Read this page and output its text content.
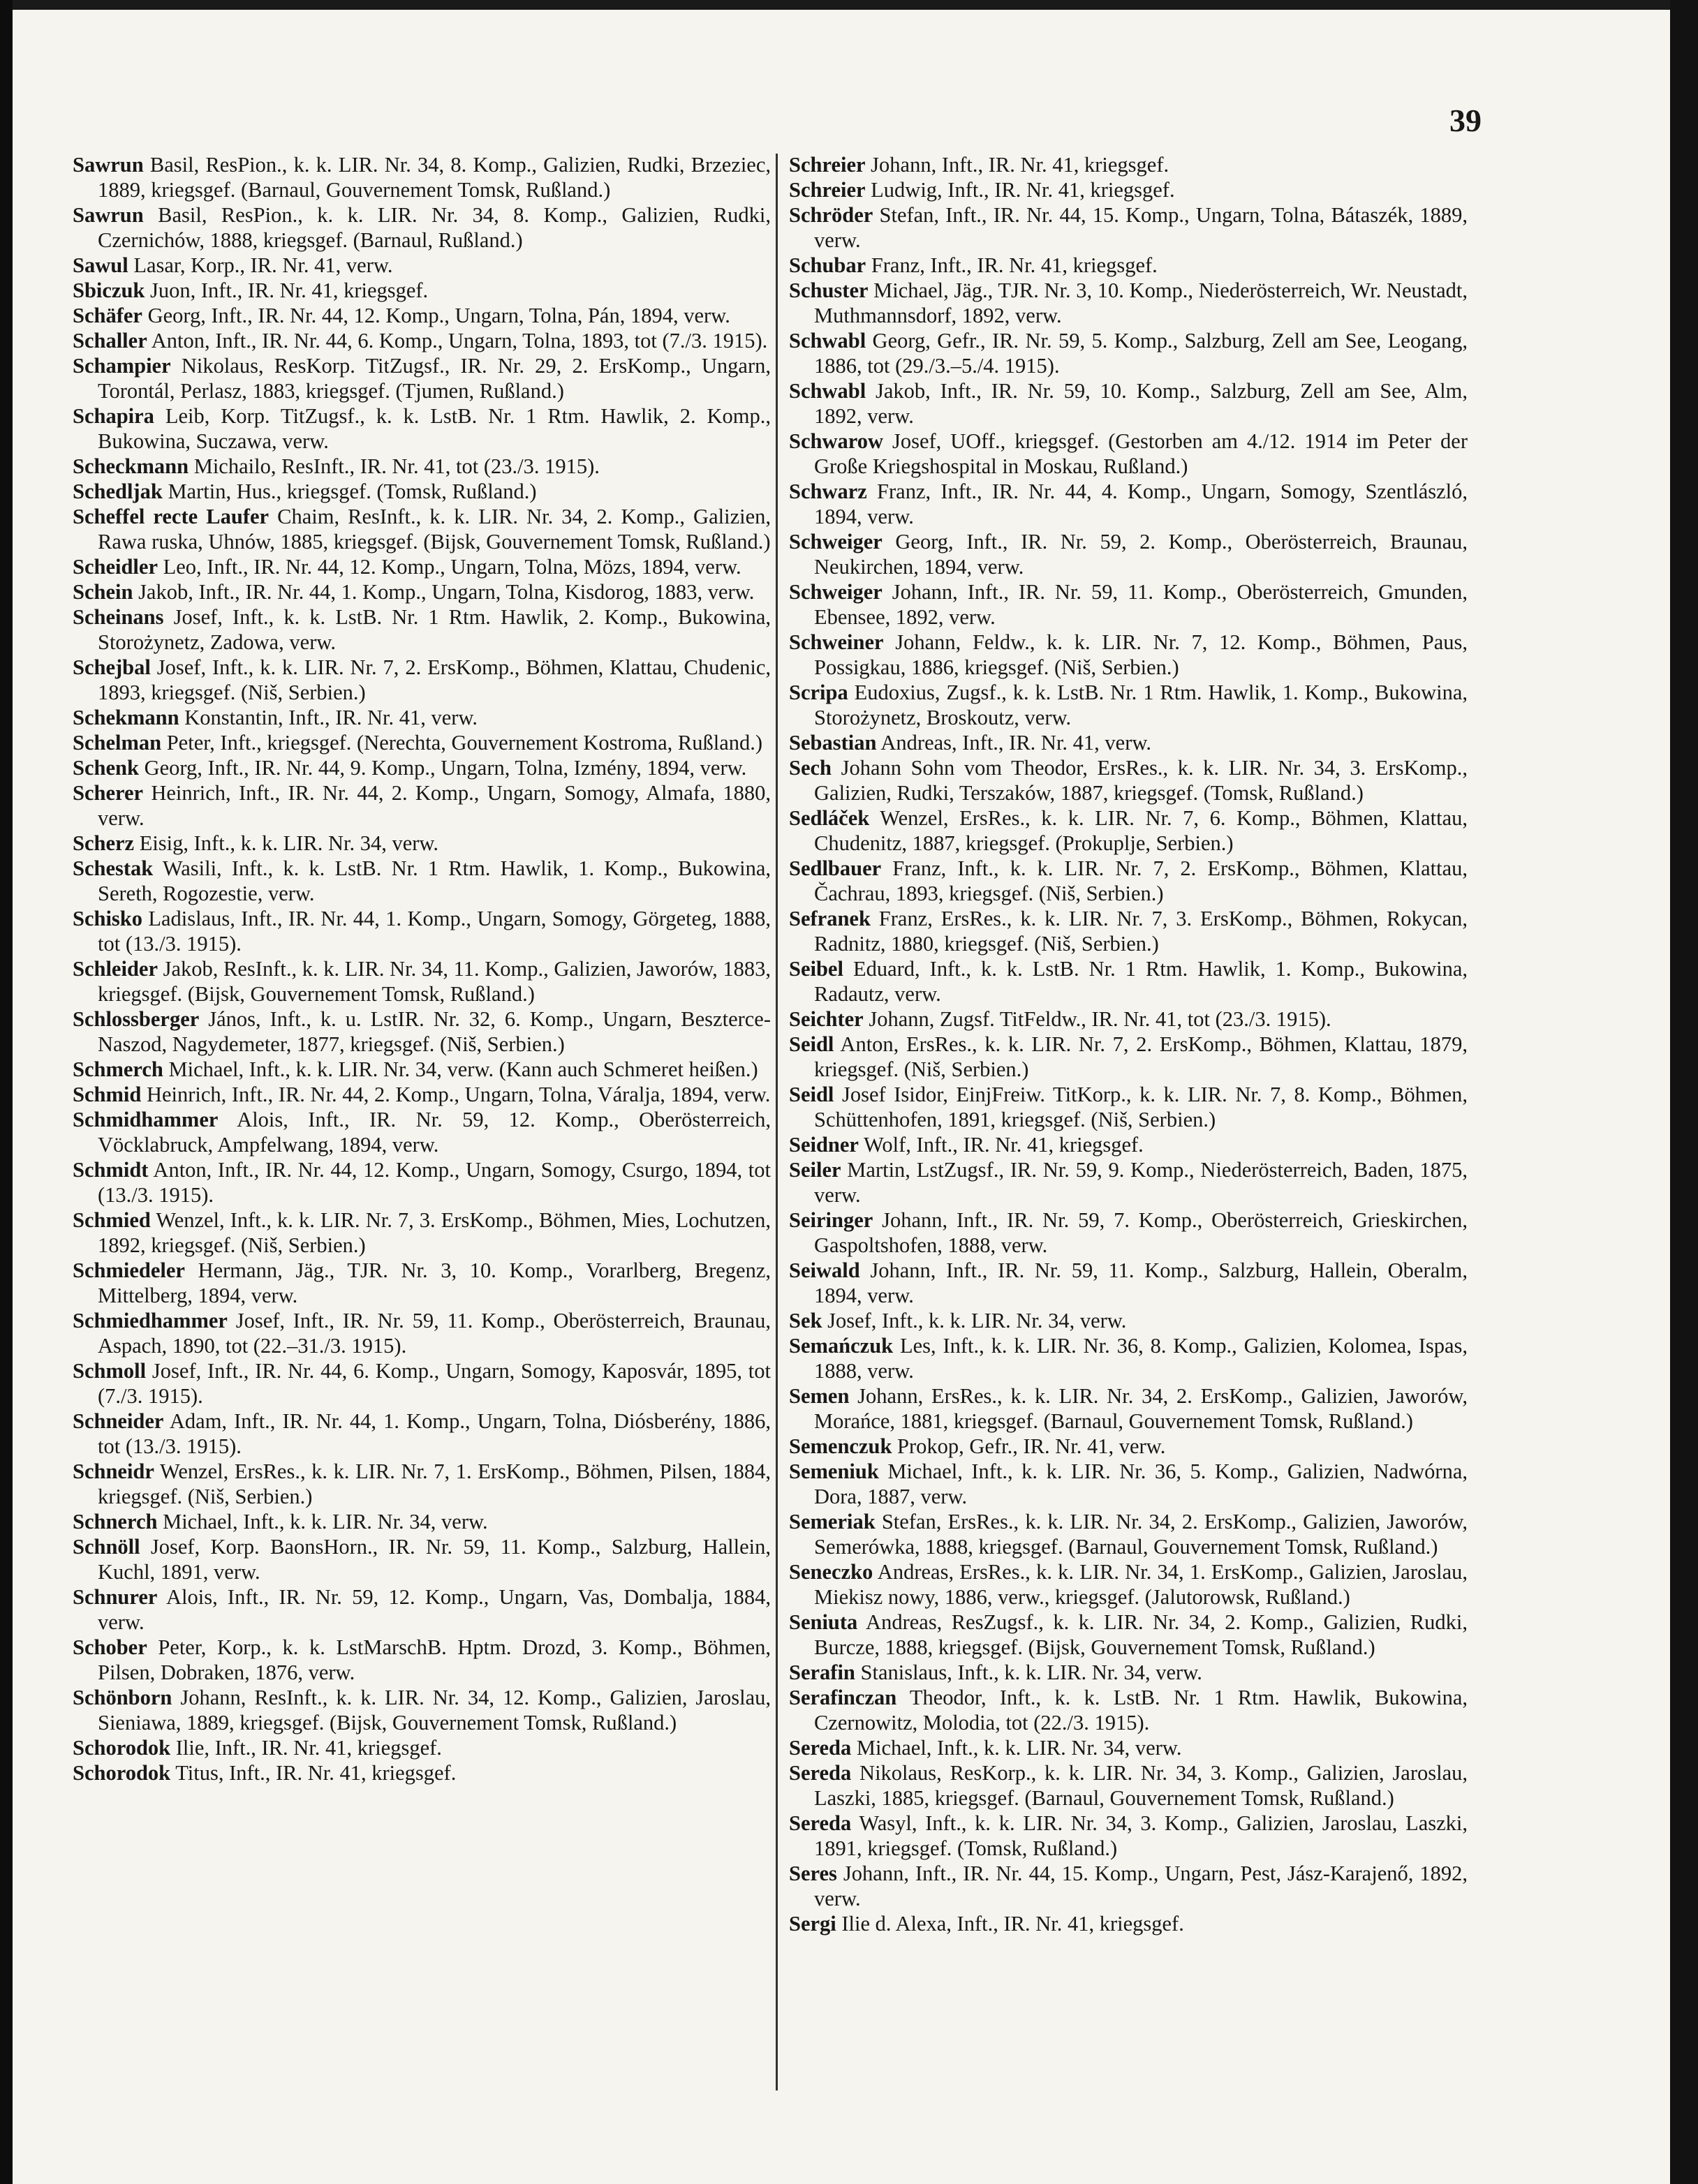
39

Sawrun Basil, ResPion., k. k. LIR. Nr. 34, 8. Komp., Galizien, Rudki, Brzeziec, 1889, kriegsgef. (Barnaul, Gouvernement Tomsk, Rußland.)

Sawrun Basil, ResPion., k. k. LIR. Nr. 34, 8. Komp., Galizien, Rudki, Czernichów, 1888, kriegsgef. (Barnaul, Rußland.)

Sawul Lasar, Korp., IR. Nr. 41, verw.

Sbiczuk Juon, Inft., IR. Nr. 41, kriegsgef.

Schäfer Georg, Inft., IR. Nr. 44, 12. Komp., Ungarn, Tolna, Pán, 1894, verw.

Schaller Anton, Inft., IR. Nr. 44, 6. Komp., Ungarn, Tolna, 1893, tot (7./3. 1915).

Schampier Nikolaus, ResKorp. TitZugsf., IR. Nr. 29, 2. ErsKomp., Ungarn, Torontál, Perlasz, 1883, kriegsgef. (Tjumen, Rußland.)

Schapira Leib, Korp. TitZugsf., k. k. LstB. Nr. 1 Rtm. Hawlik, 2. Komp., Bukowina, Suczawa, verw.

Scheckmann Michailo, ResInft., IR. Nr. 41, tot (23./3. 1915).

Schedljak Martin, Hus., kriegsgef. (Tomsk, Rußland.)

Scheffel recte Laufer Chaim, ResInft., k. k. LIR. Nr. 34, 2. Komp., Galizien, Rawa ruska, Uhnów, 1885, kriegsgef. (Bijsk, Gouvernement Tomsk, Rußland.)

Scheidler Leo, Inft., IR. Nr. 44, 12. Komp., Ungarn, Tolna, Mözs, 1894, verw.

Schein Jakob, Inft., IR. Nr. 44, 1. Komp., Ungarn, Tolna, Kisdorog, 1883, verw.

Scheinans Josef, Inft., k. k. LstB. Nr. 1 Rtm. Hawlik, 2. Komp., Bukowina, Storożynetz, Zadowa, verw.

Schejbal Josef, Inft., k. k. LIR. Nr. 7, 2. ErsKomp., Böhmen, Klattau, Chudenic, 1893, kriegsgef. (Niš, Serbien.)

Schekmann Konstantin, Inft., IR. Nr. 41, verw.

Schelman Peter, Inft., kriegsgef. (Nerechta, Gouvernement Kostroma, Rußland.)

Schenk Georg, Inft., IR. Nr. 44, 9. Komp., Ungarn, Tolna, Izmény, 1894, verw.

Scherer Heinrich, Inft., IR. Nr. 44, 2. Komp., Ungarn, Somogy, Almafa, 1880, verw.

Scherz Eisig, Inft., k. k. LIR. Nr. 34, verw.

Schestak Wasili, Inft., k. k. LstB. Nr. 1 Rtm. Hawlik, 1. Komp., Bukowina, Sereth, Rogozestie, verw.

Schisko Ladislaus, Inft., IR. Nr. 44, 1. Komp., Ungarn, Somogy, Görgeteg, 1888, tot (13./3. 1915).

Schleider Jakob, ResInft., k. k. LIR. Nr. 34, 11. Komp., Galizien, Jaworów, 1883, kriegsgef. (Bijsk, Gouvernement Tomsk, Rußland.)

Schlossberger János, Inft., k. u. LstIR. Nr. 32, 6. Komp., Ungarn, Beszterce-Naszod, Nagydemeter, 1877, kriegsgef. (Niš, Serbien.)

Schmerch Michael, Inft., k. k. LIR. Nr. 34, verw. (Kann auch Schmeret heißen.)

Schmid Heinrich, Inft., IR. Nr. 44, 2. Komp., Ungarn, Tolna, Váralja, 1894, verw.

Schmidhammer Alois, Inft., IR. Nr. 59, 12. Komp., Oberösterreich, Vöcklabruck, Ampfelwang, 1894, verw.

Schmidt Anton, Inft., IR. Nr. 44, 12. Komp., Ungarn, Somogy, Csurgo, 1894, tot (13./3. 1915).

Schmied Wenzel, Inft., k. k. LIR. Nr. 7, 3. ErsKomp., Böhmen, Mies, Lochutzen, 1892, kriegsgef. (Niš, Serbien.)

Schmiedeler Hermann, Jäg., TJR. Nr. 3, 10. Komp., Vorarlberg, Bregenz, Mittelberg, 1894, verw.

Schmiedhammer Josef, Inft., IR. Nr. 59, 11. Komp., Oberösterreich, Braunau, Aspach, 1890, tot (22.–31./3. 1915).

Schmoll Josef, Inft., IR. Nr. 44, 6. Komp., Ungarn, Somogy, Kaposvár, 1895, tot (7./3. 1915).

Schneider Adam, Inft., IR. Nr. 44, 1. Komp., Ungarn, Tolna, Diósberény, 1886, tot (13./3. 1915).

Schneidr Wenzel, ErsRes., k. k. LIR. Nr. 7, 1. ErsKomp., Böhmen, Pilsen, 1884, kriegsgef. (Niš, Serbien.)

Schnerch Michael, Inft., k. k. LIR. Nr. 34, verw.

Schnöll Josef, Korp. BaonsHorn., IR. Nr. 59, 11. Komp., Salzburg, Hallein, Kuchl, 1891, verw.

Schnurer Alois, Inft., IR. Nr. 59, 12. Komp., Ungarn, Vas, Dombalja, 1884, verw.

Schober Peter, Korp., k. k. LstMarschB. Hptm. Drozd, 3. Komp., Böhmen, Pilsen, Dobraken, 1876, verw.

Schönborn Johann, ResInft., k. k. LIR. Nr. 34, 12. Komp., Galizien, Jaroslau, Sieniawa, 1889, kriegsgef. (Bijsk, Gouvernement Tomsk, Rußland.)

Schorodok Ilie, Inft., IR. Nr. 41, kriegsgef.

Schorodok Titus, Inft., IR. Nr. 41, kriegsgef.

Schreier Johann, Inft., IR. Nr. 41, kriegsgef.

Schreier Ludwig, Inft., IR. Nr. 41, kriegsgef.

Schröder Stefan, Inft., IR. Nr. 44, 15. Komp., Ungarn, Tolna, Bátaszék, 1889, verw.

Schubar Franz, Inft., IR. Nr. 41, kriegsgef.

Schuster Michael, Jäg., TJR. Nr. 3, 10. Komp., Niederösterreich, Wr. Neustadt, Muthmannsdorf, 1892, verw.

Schwabl Georg, Gefr., IR. Nr. 59, 5. Komp., Salzburg, Zell am See, Leogang, 1886, tot (29./3.–5./4. 1915).

Schwabl Jakob, Inft., IR. Nr. 59, 10. Komp., Salzburg, Zell am See, Alm, 1892, verw.

Schwarow Josef, UOff., kriegsgef. (Gestorben am 4./12. 1914 im Peter der Große Kriegshospital in Moskau, Rußland.)

Schwarz Franz, Inft., IR. Nr. 44, 4. Komp., Ungarn, Somogy, Szentlászló, 1894, verw.

Schweiger Georg, Inft., IR. Nr. 59, 2. Komp., Oberösterreich, Braunau, Neukirchen, 1894, verw.

Schweiger Johann, Inft., IR. Nr. 59, 11. Komp., Oberösterreich, Gmunden, Ebensee, 1892, verw.

Schweiner Johann, Feldw., k. k. LIR. Nr. 7, 12. Komp., Böhmen, Paus, Possigkau, 1886, kriegsgef. (Niš, Serbien.)

Scripa Eudoxius, Zugsf., k. k. LstB. Nr. 1 Rtm. Hawlik, 1. Komp., Bukowina, Storożynetz, Broskoutz, verw.

Sebastian Andreas, Inft., IR. Nr. 41, verw.

Sech Johann Sohn vom Theodor, ErsRes., k. k. LIR. Nr. 34, 3. ErsKomp., Galizien, Rudki, Terszaków, 1887, kriegsgef. (Tomsk, Rußland.)

Sedláček Wenzel, ErsRes., k. k. LIR. Nr. 7, 6. Komp., Böhmen, Klattau, Chudenitz, 1887, kriegsgef. (Prokuplje, Serbien.)

Sedlbauer Franz, Inft., k. k. LIR. Nr. 7, 2. ErsKomp., Böhmen, Klattau, Čachrau, 1893, kriegsgef. (Niš, Serbien.)

Sefranek Franz, ErsRes., k. k. LIR. Nr. 7, 3. ErsKomp., Böhmen, Rokycan, Radnitz, 1880, kriegsgef. (Niš, Serbien.)

Seibel Eduard, Inft., k. k. LstB. Nr. 1 Rtm. Hawlik, 1. Komp., Bukowina, Radautz, verw.

Seichter Johann, Zugsf. TitFeldw., IR. Nr. 41, tot (23./3. 1915).

Seidl Anton, ErsRes., k. k. LIR. Nr. 7, 2. ErsKomp., Böhmen, Klattau, 1879, kriegsgef. (Niš, Serbien.)

Seidl Josef Isidor, EinjFreiw. TitKorp., k. k. LIR. Nr. 7, 8. Komp., Böhmen, Schüttenhofen, 1891, kriegsgef. (Niš, Serbien.)

Seidner Wolf, Inft., IR. Nr. 41, kriegsgef.

Seiler Martin, LstZugsf., IR. Nr. 59, 9. Komp., Niederösterreich, Baden, 1875, verw.

Seiringer Johann, Inft., IR. Nr. 59, 7. Komp., Oberösterreich, Grieskirchen, Gaspoltshofen, 1888, verw.

Seiwald Johann, Inft., IR. Nr. 59, 11. Komp., Salzburg, Hallein, Oberalm, 1894, verw.

Sek Josef, Inft., k. k. LIR. Nr. 34, verw.

Semańczuk Les, Inft., k. k. LIR. Nr. 36, 8. Komp., Galizien, Kolomea, Ispas, 1888, verw.

Semen Johann, ErsRes., k. k. LIR. Nr. 34, 2. ErsKomp., Galizien, Jaworów, Morańce, 1881, kriegsgef. (Barnaul, Gouvernement Tomsk, Rußland.)

Semenczuk Prokop, Gefr., IR. Nr. 41, verw.

Semeniuk Michael, Inft., k. k. LIR. Nr. 36, 5. Komp., Galizien, Nadwórna, Dora, 1887, verw.

Semeriak Stefan, ErsRes., k. k. LIR. Nr. 34, 2. ErsKomp., Galizien, Jaworów, Semerówka, 1888, kriegsgef. (Barnaul, Gouvernement Tomsk, Rußland.)

Seneczko Andreas, ErsRes., k. k. LIR. Nr. 34, 1. ErsKomp., Galizien, Jaroslau, Miekisz nowy, 1886, verw., kriegsgef. (Jalutorowsk, Rußland.)

Seniuta Andreas, ResZugsf., k. k. LIR. Nr. 34, 2. Komp., Galizien, Rudki, Burcze, 1888, kriegsgef. (Bijsk, Gouvernement Tomsk, Rußland.)

Serafin Stanislaus, Inft., k. k. LIR. Nr. 34, verw.

Serafinczan Theodor, Inft., k. k. LstB. Nr. 1 Rtm. Hawlik, Bukowina, Czernowitz, Molodia, tot (22./3. 1915).

Sereda Michael, Inft., k. k. LIR. Nr. 34, verw.

Sereda Nikolaus, ResKorp., k. k. LIR. Nr. 34, 3. Komp., Galizien, Jaroslau, Laszki, 1885, kriegsgef. (Barnaul, Gouvernement Tomsk, Rußland.)

Sereda Wasyl, Inft., k. k. LIR. Nr. 34, 3. Komp., Galizien, Jaroslau, Laszki, 1891, kriegsgef. (Tomsk, Rußland.)

Seres Johann, Inft., IR. Nr. 44, 15. Komp., Ungarn, Pest, Jász-Karajenő, 1892, verw.

Sergi Ilie d. Alexa, Inft., IR. Nr. 41, kriegsgef.
